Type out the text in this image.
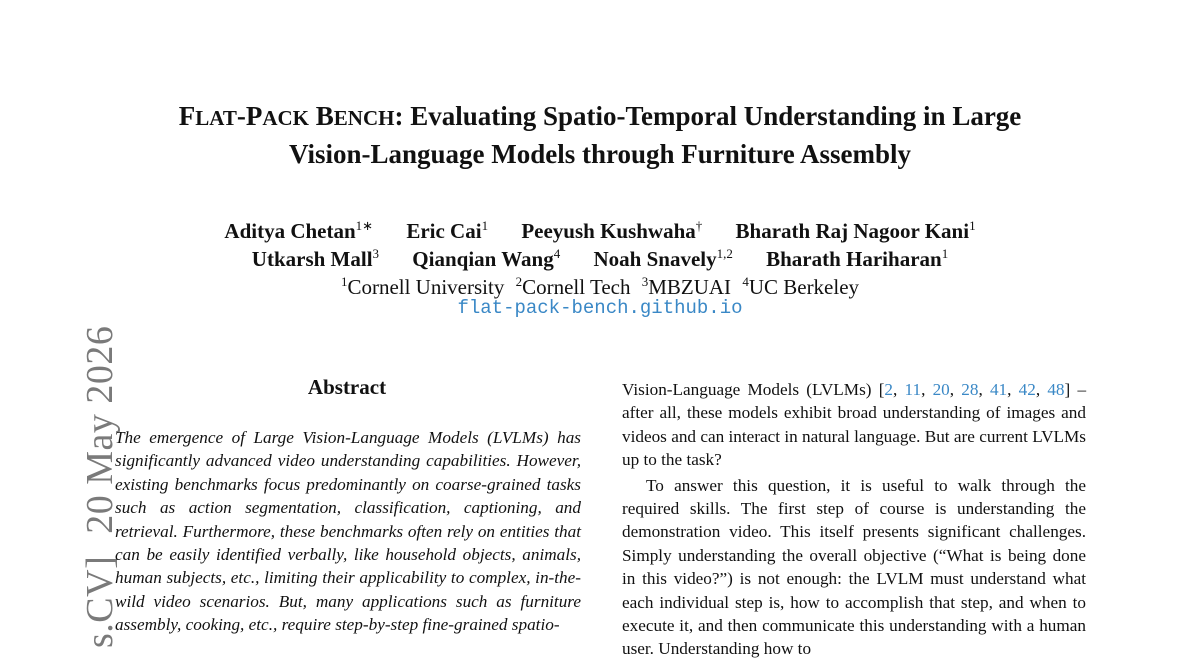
s.CV]20 May 2026
FLAT-PACK BENCH: Evaluating Spatio-Temporal Understanding in Large
Vision-Language Models through Furniture Assembly
Aditya Chetan$^{1∗}$ Eric Cai$^1$ Peeyush Kushwaha† Bharath Raj Nagoor Kani$^1$
Utkarsh Mall$^3$ Qianqian Wang$^4$ Noah Snavely$^{1,2}$ Bharath Hariharan$^1$
$^1$Cornell University $^2$Cornell Tech $^3$MBZUAI $^4$UC Berkeley
flat-pack-bench.github.io
Abstract
The emergence of Large Vision-Language Models (LVLMs) has significantly advanced video understanding capabilities. However, existing benchmarks focus predominantly on coarse-grained tasks such as action segmentation, classification, captioning, and retrieval. Furthermore, these benchmarks often rely on entities that can be easily identified verbally, like household objects, animals, human subjects, etc., limiting their applicability to complex, in-the-wild video scenarios. But, many applications such as furniture assembly, cooking, etc., require step-by-step fine-grained spatio-

Vision-Language Models (LVLMs) [2, 11, 20, 28, 41, 42, 48] – after all, these models exhibit broad understanding of images and videos and can interact in natural language. But are current LVLMs up to the task?

To answer this question, it is useful to walk through the required skills. The first step of course is understanding the demonstration video. This itself presents significant challenges. Simply understanding the overall objective (“What is being done in this video?”) is not enough: the LVLM must understand what each individual step is, how to accomplish that step, and when to execute it, and then communicate this understanding with a human user. Understanding how to
